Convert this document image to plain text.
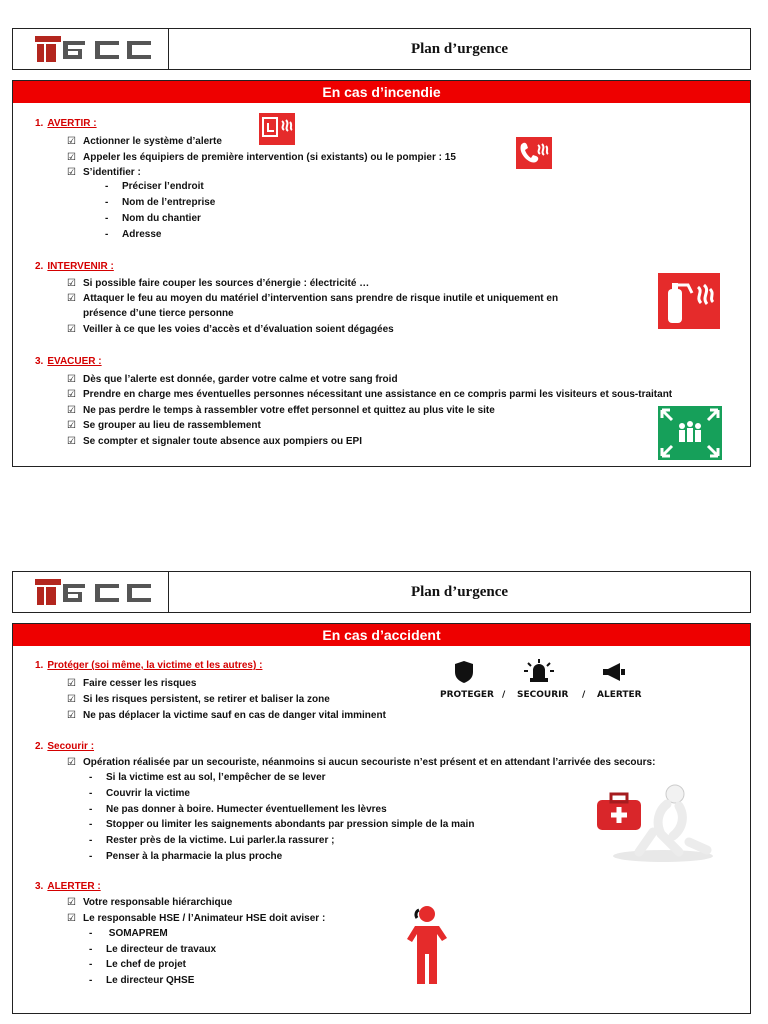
Plan d’urgence
En cas d’incendie
1. AVERTIR :
☑ Actionner le système d’alerte
☑ Appeler les équipiers de première intervention (si existants) ou le pompier : 15
☑ S’identifier :
- Préciser l’endroit
- Nom de l’entreprise
- Nom du chantier
- Adresse
2. INTERVENIR :
☑ Si possible faire couper les sources d’énergie : électricité …
☑ Attaquer le feu au moyen du matériel d’intervention sans prendre de risque inutile et uniquement en
présence d’une tierce personne
☑ Veiller à ce que les voies d’accès et d’évaluation soient dégagées
3. EVACUER :
☑ Dès que l’alerte est donnée, garder votre calme et votre sang froid
☑ Prendre en charge mes éventuelles personnes nécessitant une assistance en ce compris parmi les visiteurs et sous-traitant
☑ Ne pas perdre le temps à rassembler votre effet personnel et quittez au plus vite le site
☑ Se grouper au lieu de rassemblement
☑ Se compter et signaler toute absence aux pompiers ou EPI
Plan d’urgence
En cas d’accident
PROTEGER / SECOURIR / ALERTER
1. Protéger (soi même, la victime et les autres) :
☑ Faire cesser les risques
☑ Si les risques persistent, se retirer et baliser la zone
☑ Ne pas déplacer la victime sauf en cas de danger vital imminent
2. Secourir :
☑ Opération réalisée par un secouriste, néanmoins si aucun secouriste n’est présent et en attendant l’arrivée des secours:
- Si la victime est au sol, l’empêcher de se lever
- Couvrir la victime
- Ne pas donner à boire. Humecter éventuellement les lèvres
- Stopper ou limiter les saignements abondants par pression simple de la main
- Rester près de la victime. Lui parler.la rassurer ;
- Penser à la pharmacie la plus proche
3. ALERTER :
☑ Votre responsable hiérarchique
☑ Le responsable HSE / l’Animateur HSE doit aviser :
- SOMAPREM
- Le directeur de travaux
- Le chef de projet
- Le directeur QHSE
